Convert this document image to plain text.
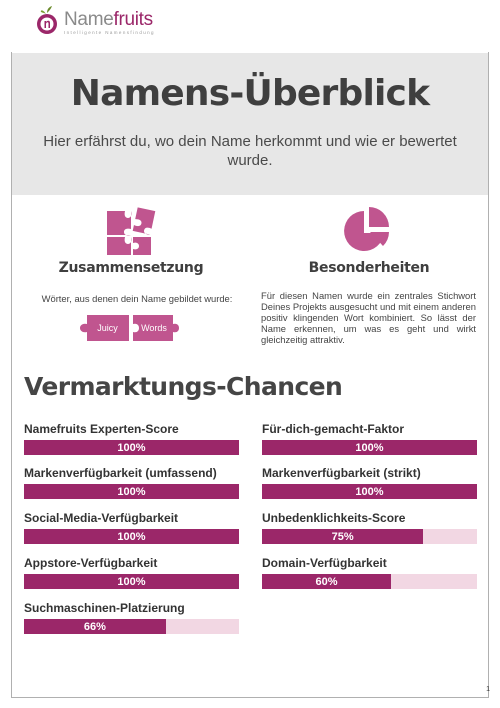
Namefruits
Intelligente Namensfindung
Namens-Überblick

Hier erfährst du, wo dein Name herkommt und wie er bewertet wurde.

Zusammensetzung
Wörter, aus denen dein Name gebildet wurde:
Juicy	Words
Besonderheiten
Für diesen Namen wurde ein zentrales Stichwort Deines Projekts ausgesucht und mit einem anderen positiv klingenden Wort kombiniert. So lässt der Name erkennen, um was es geht und wirkt gleichzeitig attraktiv.
Vermarktungs-Chancen
Namefruits Experten-Score
100%
Für-dich-gemacht-Faktor
100%
Markenverfügbarkeit (umfassend)
100%
Markenverfügbarkeit (strikt)
100%
Social-Media-Verfügbarkeit
100%
Unbedenklichkeits-Score
75%
Appstore-Verfügbarkeit
100%
Domain-Verfügbarkeit
60%
Suchmaschinen-Platzierung
66%
1
